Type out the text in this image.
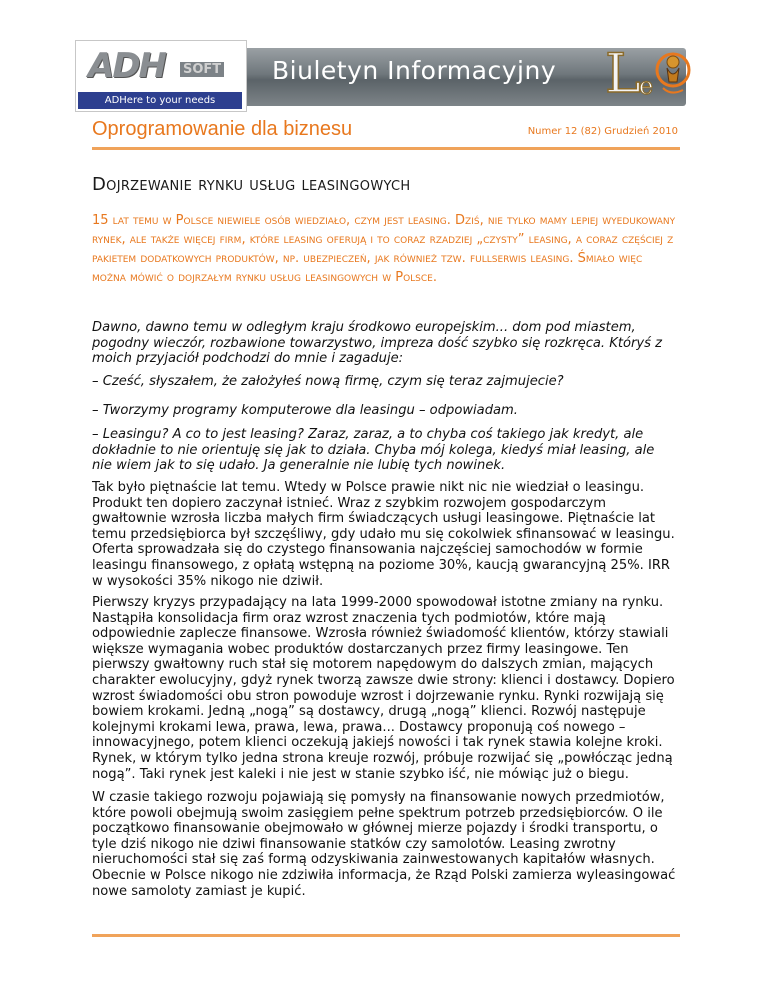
Biuletyn Informacyjny
ADH SOFT
ADHere to your needs	L
e
Oprogramowanie dla biznesu	Numer 12 (82) Grudzień 2010
Dojrzewanie rynku usług leasingowych
15 lat temu w Polsce niewiele osób wiedziało, czym jest leasing. Dziś, nie tylko mamy lepiej wyedukowany rynek, ale także więcej firm, które leasing oferują i to coraz rzadziej „czysty” leasing, a coraz częściej z pakietem dodatkowych produktów, np. ubezpieczeń, jak również tzw. fullserwis leasing. Śmiało więc można mówić o dojrzałym rynku usług leasingowych w Polsce.
Dawno, dawno temu w odległym kraju środkowo europejskim... dom pod miastem, pogodny wieczór, rozbawione towarzystwo, impreza dość szybko się rozkręca. Któryś z moich przyjaciół podchodzi do mnie i zagaduje:
– Cześć, słyszałem, że założyłeś nową firmę, czym się teraz zajmujecie?
– Tworzymy programy komputerowe dla leasingu – odpowiadam.
– Leasingu? A co to jest leasing? Zaraz, zaraz, a to chyba coś takiego jak kredyt, ale dokładnie to nie orientuję się jak to działa. Chyba mój kolega, kiedyś miał leasing, ale nie wiem jak to się udało. Ja generalnie nie lubię tych nowinek.
Tak było piętnaście lat temu. Wtedy w Polsce prawie nikt nic nie wiedział o leasingu. Produkt ten dopiero zaczynał istnieć. Wraz z szybkim rozwojem gospodarczym gwałtownie wzrosła liczba małych firm świadczących usługi leasingowe. Piętnaście lat temu przedsiębiorca był szczęśliwy, gdy udało mu się cokolwiek sfinansować w leasingu. Oferta sprowadzała się do czystego finansowania najczęściej samochodów w formie leasingu finansowego, z opłatą wstępną na poziome 30%, kaucją gwarancyjną 25%. IRR w wysokości 35% nikogo nie dziwił.
Pierwszy kryzys przypadający na lata 1999-2000 spowodował istotne zmiany na rynku. Nastąpiła konsolidacja firm oraz wzrost znaczenia tych podmiotów, które mają odpowiednie zaplecze finansowe. Wzrosła również świadomość klientów, którzy stawiali większe wymagania wobec produktów dostarczanych przez firmy leasingowe. Ten pierwszy gwałtowny ruch stał się motorem napędowym do dalszych zmian, mających charakter ewolucyjny, gdyż rynek tworzą zawsze dwie strony: klienci i dostawcy. Dopiero wzrost świadomości obu stron powoduje wzrost i dojrzewanie rynku. Rynki rozwijają się bowiem krokami. Jedną „nogą” są dostawcy, drugą „nogą” klienci. Rozwój następuje kolejnymi krokami lewa, prawa, lewa, prawa... Dostawcy proponują coś nowego – innowacyjnego, potem klienci oczekują jakiejś nowości i tak rynek stawia kolejne kroki. Rynek, w którym tylko jedna strona kreuje rozwój, próbuje rozwijać się „powłócząc jedną nogą”. Taki rynek jest kaleki i nie jest w stanie szybko iść, nie mówiąc już o biegu.
W czasie takiego rozwoju pojawiają się pomysły na finansowanie nowych przedmiotów, które powoli obejmują swoim zasięgiem pełne spektrum potrzeb przedsiębiorców. O ile początkowo finansowanie obejmowało w głównej mierze pojazdy i środki transportu, o tyle dziś nikogo nie dziwi finansowanie statków czy samolotów. Leasing zwrotny nieruchomości stał się zaś formą odzyskiwania zainwestowanych kapitałów własnych. Obecnie w Polsce nikogo nie zdziwiła informacja, że Rząd Polski zamierza wyleasingować nowe samoloty zamiast je kupić.
